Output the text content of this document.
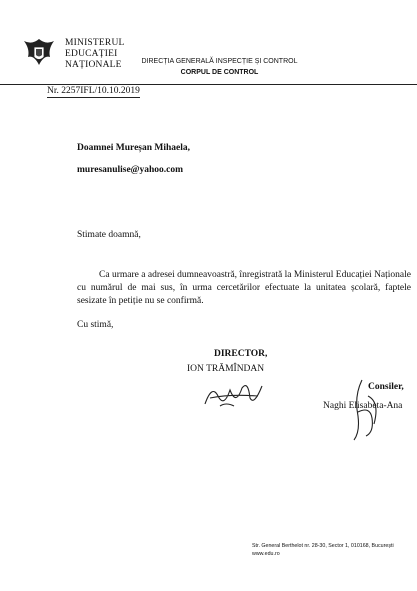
MINISTERUL
EDUCAȚIEI
NAȚIONALE	DIRECȚIA GENERALĂ INSPECȚIE ȘI CONTROL
CORPUL DE CONTROL
Nr. 2257IFL/10.10.2019
Doamnei Mureșan Mihaela,
muresanulise@yahoo.com
Stimate doamnă,

Ca urmare a adresei dumneavoastră, înregistrată la Ministerul Educației Naționale cu numărul de mai sus, în urma cercetărilor efectuate la unitatea școlară, faptele sesizate în petiție nu se confirmă.

Cu stimă,
DIRECTOR,
ION TRĂMÎNDAN
Consiler,
Naghi Elisabeta-Ana
Str. General Berthelot nr. 28-30, Sector 1, 010168, București
www.edu.ro
